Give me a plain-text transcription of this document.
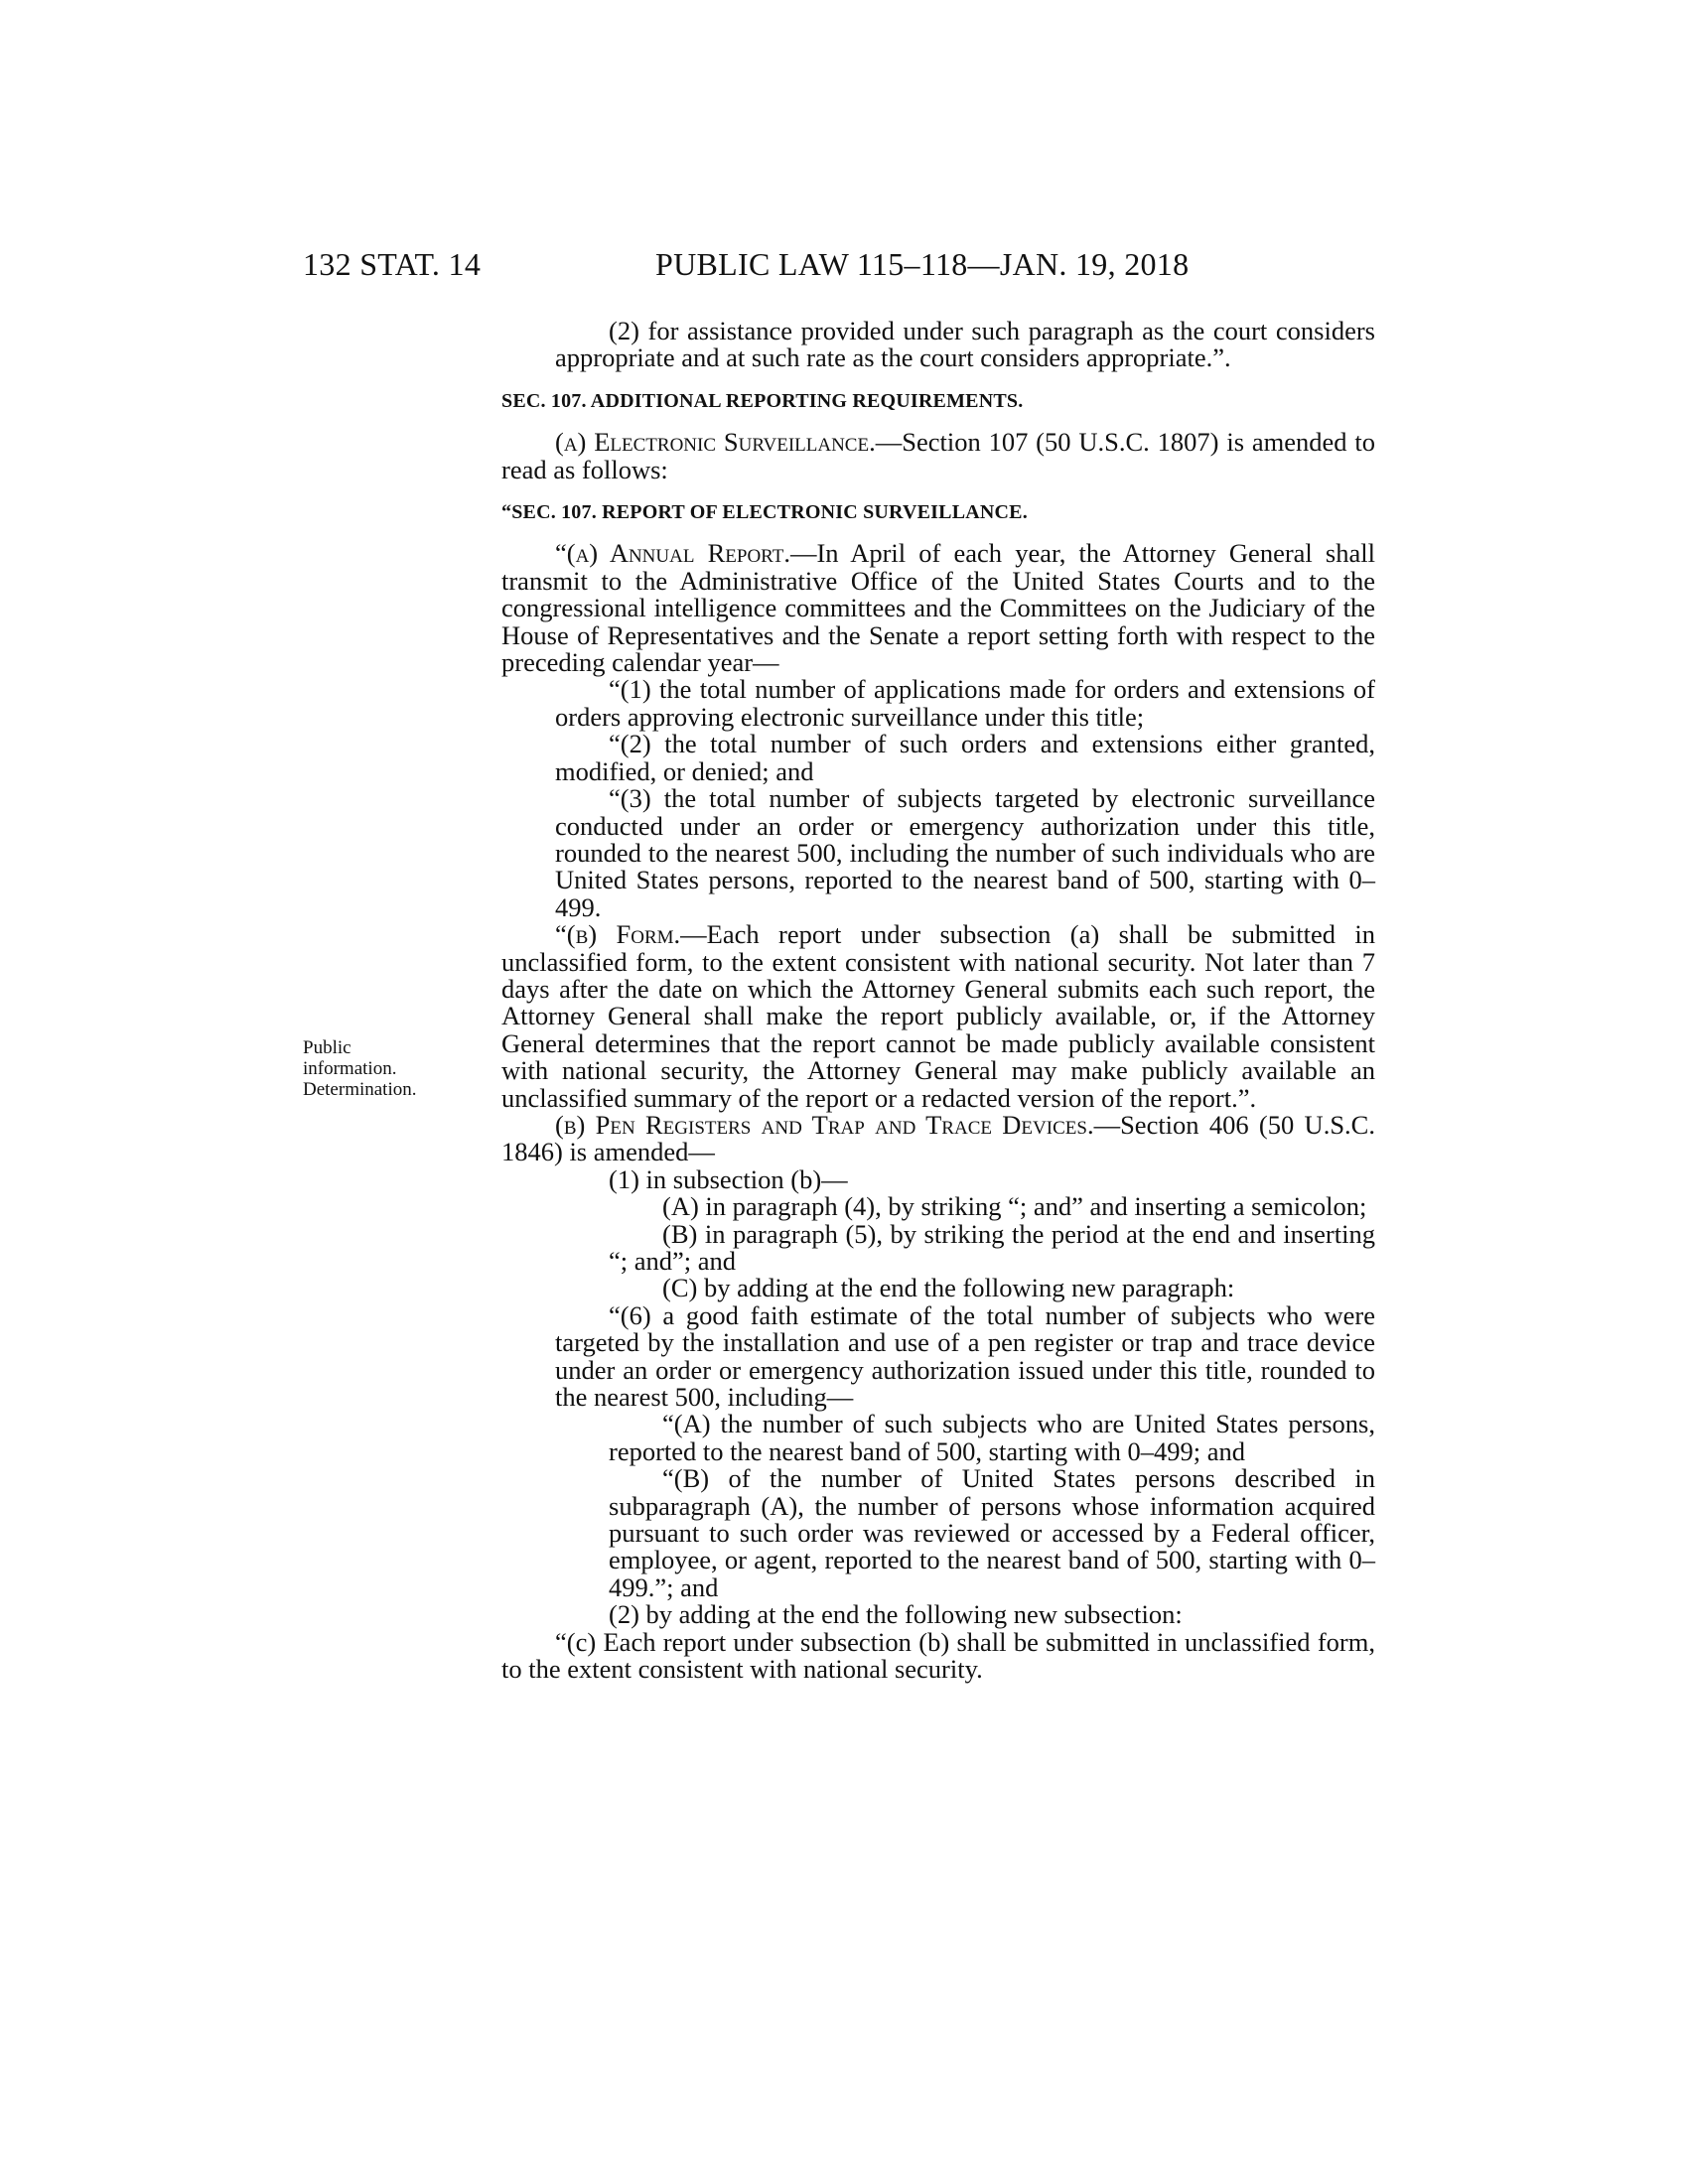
132 STAT. 14	PUBLIC LAW 115–118—JAN. 19, 2018
Public
information.
Determination.

(2) for assistance provided under such paragraph as the court considers appropriate and at such rate as the court considers appropriate.”.

SEC. 107. ADDITIONAL REPORTING REQUIREMENTS.

(a) Electronic Surveillance.—Section 107 (50 U.S.C. 1807) is amended to read as follows:

“SEC. 107. REPORT OF ELECTRONIC SURVEILLANCE.

“(a) Annual Report.—In April of each year, the Attorney General shall transmit to the Administrative Office of the United States Courts and to the congressional intelligence committees and the Committees on the Judiciary of the House of Representatives and the Senate a report setting forth with respect to the preceding calendar year—

“(1) the total number of applications made for orders and extensions of orders approving electronic surveillance under this title;

“(2) the total number of such orders and extensions either granted, modified, or denied; and

“(3) the total number of subjects targeted by electronic surveillance conducted under an order or emergency authorization under this title, rounded to the nearest 500, including the number of such individuals who are United States persons, reported to the nearest band of 500, starting with 0–499.

“(b) Form.—Each report under subsection (a) shall be submitted in unclassified form, to the extent consistent with national security. Not later than 7 days after the date on which the Attorney General submits each such report, the Attorney General shall make the report publicly available, or, if the Attorney General determines that the report cannot be made publicly available consistent with national security, the Attorney General may make publicly available an unclassified summary of the report or a redacted version of the report.”.

(b) Pen Registers and Trap and Trace Devices.—Section 406 (50 U.S.C. 1846) is amended—

(1) in subsection (b)—

(A) in paragraph (4), by striking “; and” and inserting a semicolon;

(B) in paragraph (5), by striking the period at the end and inserting “; and”; and

(C) by adding at the end the following new paragraph:

“(6) a good faith estimate of the total number of subjects who were targeted by the installation and use of a pen register or trap and trace device under an order or emergency authorization issued under this title, rounded to the nearest 500, including—

“(A) the number of such subjects who are United States persons, reported to the nearest band of 500, starting with 0–499; and

“(B) of the number of United States persons described in subparagraph (A), the number of persons whose information acquired pursuant to such order was reviewed or accessed by a Federal officer, employee, or agent, reported to the nearest band of 500, starting with 0–499.”; and

(2) by adding at the end the following new subsection:

“(c) Each report under subsection (b) shall be submitted in unclassified form, to the extent consistent with national security.
